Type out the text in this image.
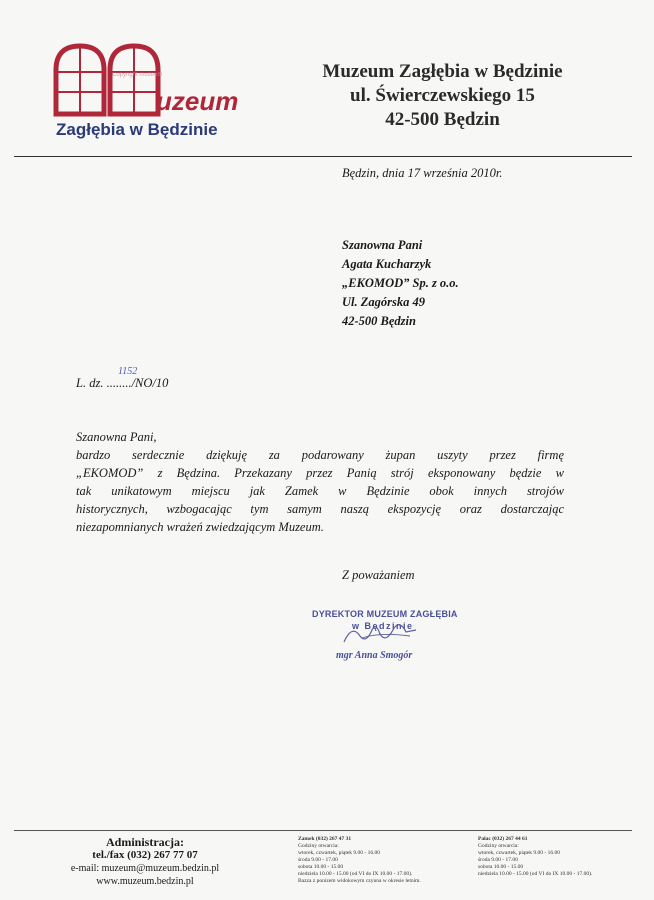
uzeum
Copyright museum
Zagłębia w Będzinie
Muzeum Zagłębia w Będzinie
ul. Świerczewskiego 15
42-500 Będzin
Będzin, dnia 17 września 2010r.
Szanowna Pani
Agata Kucharzyk
„EKOMOD” Sp. z o.o.
Ul. Zagórska 49
42-500 Będzin
L. dz. ......../NO/10
1152
Szanowna Pani,
bardzo serdecznie dziękuję za podarowany żupan uszyty przez firmę
„EKOMOD” z Będzina. Przekazany przez Panią strój eksponowany będzie w
tak unikatowym miejscu jak Zamek w Będzinie obok innych strojów
historycznych, wzbogacając tym samym naszą ekspozycję oraz dostarczając
niezapomnianych wrażeń zwiedzającym Muzeum.
Z poważaniem
DYREKTOR MUZEUM ZAGŁĘBIA
w Będzinie
mgr Anna Smogór
Administracja:
tel./fax (032) 267 77 07
e-mail: muzeum@muzeum.bedzin.pl
www.muzeum.bedzin.pl
Zamek (032) 267 47 31
Godziny otwarcia:
wtorek, czwartek, piątek 9.00 - 16.00
środa 9.00 - 17.00
sobota 10.00 - 15.00
niedziela 10.00 - 15.00 (od VI do IX 10.00 - 17.00).
Bazza z ponizem widokowym czynna w okresie letnim.
Pałac (032) 267 44 61
Godziny otwarcia:
wtorek, czwartek, piątek 9.00 - 16.00
środa 9.00 - 17.00
sobota 10.00 - 15.00
niedziela 10.00 - 15.00 (od VI do IX 10.00 - 17.00).
